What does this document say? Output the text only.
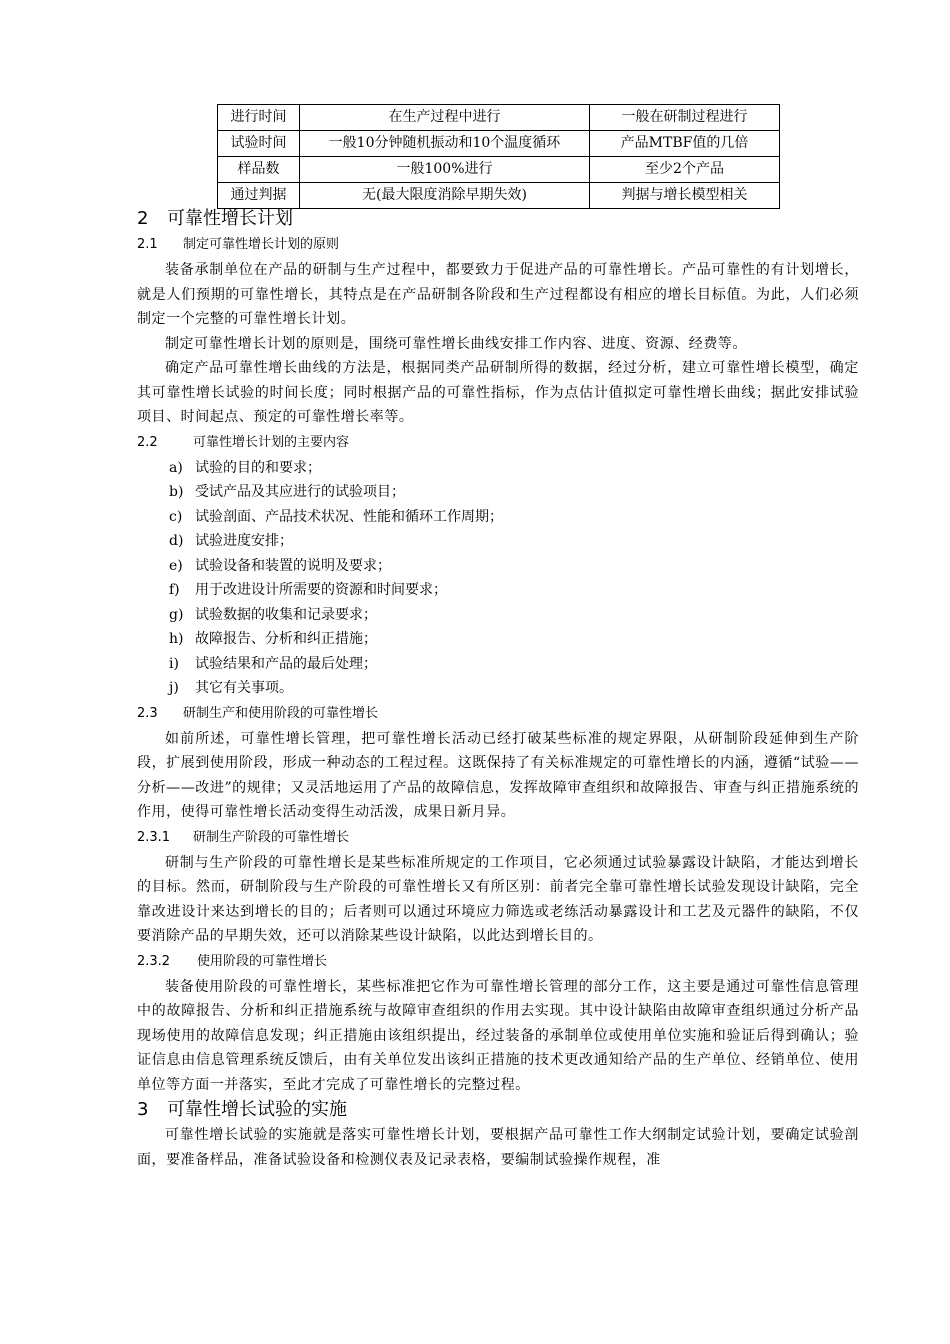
进行时间	在生产过程中进行	一般在研制过程进行
试验时间	一般10分钟随机振动和10个温度循环	产品MTBF值的几倍
样品数	一般100%进行	至少2个产品
通过判据	无(最大限度消除早期失效)	判据与增长模型相关
2 可靠性增长计划
2.1 制定可靠性增长计划的原则

装备承制单位在产品的研制与生产过程中，都要致力于促进产品的可靠性增长。产品可靠性的有计划增长，就是人们预期的可靠性增长，其特点是在产品研制各阶段和生产过程都设有相应的增长目标值。为此，人们必须制定一个完整的可靠性增长计划。

制定可靠性增长计划的原则是，围绕可靠性增长曲线安排工作内容、进度、资源、经费等。

确定产品可靠性增长曲线的方法是，根据同类产品研制所得的数据，经过分析，建立可靠性增长模型，确定其可靠性增长试验的时间长度；同时根据产品的可靠性指标，作为点估计值拟定可靠性增长曲线；据此安排试验项目、时间起点、预定的可靠性增长率等。

2.2	可靠性增长计划的主要内容
a) 试验的目的和要求；
b) 受试产品及其应进行的试验项目；
c) 试验剖面、产品技术状况、性能和循环工作周期；
d) 试验进度安排；
e) 试验设备和装置的说明及要求；
f) 用于改进设计所需要的资源和时间要求；
g) 试验数据的收集和记录要求；
h) 故障报告、分析和纠正措施；
i) 试验结果和产品的最后处理；
j) 其它有关事项。
2.3 研制生产和使用阶段的可靠性增长

如前所述，可靠性增长管理，把可靠性增长活动已经打破某些标准的规定界限，从研制阶段延伸到生产阶段，扩展到使用阶段，形成一种动态的工程过程。这既保持了有关标准规定的可靠性增长的内涵，遵循“试验——分析——改进”的规律；又灵活地运用了产品的故障信息，发挥故障审查组织和故障报告、审查与纠正措施系统的作用，使得可靠性增长活动变得生动活泼，成果日新月异。

2.3.1 研制生产阶段的可靠性增长

研制与生产阶段的可靠性增长是某些标准所规定的工作项目，它必须通过试验暴露设计缺陷，才能达到增长的目标。然而，研制阶段与生产阶段的可靠性增长又有所区别：前者完全靠可靠性增长试验发现设计缺陷，完全靠改进设计来达到增长的目的；后者则可以通过环境应力筛选或老练活动暴露设计和工艺及元器件的缺陷，不仅要消除产品的早期失效，还可以消除某些设计缺陷，以此达到增长目的。

2.3.2 使用阶段的可靠性增长

装备使用阶段的可靠性增长，某些标准把它作为可靠性增长管理的部分工作，这主要是通过可靠性信息管理中的故障报告、分析和纠正措施系统与故障审查组织的作用去实现。其中设计缺陷由故障审查组织通过分析产品现场使用的故障信息发现；纠正措施由该组织提出，经过装备的承制单位或使用单位实施和验证后得到确认；验证信息由信息管理系统反馈后，由有关单位发出该纠正措施的技术更改通知给产品的生产单位、经销单位、使用单位等方面一并落实，至此才完成了可靠性增长的完整过程。

3 可靠性增长试验的实施

可靠性增长试验的实施就是落实可靠性增长计划，要根据产品可靠性工作大纲制定试验计划，要确定试验剖面，要准备样品，准备试验设备和检测仪表及记录表格，要编制试验操作规程，准
